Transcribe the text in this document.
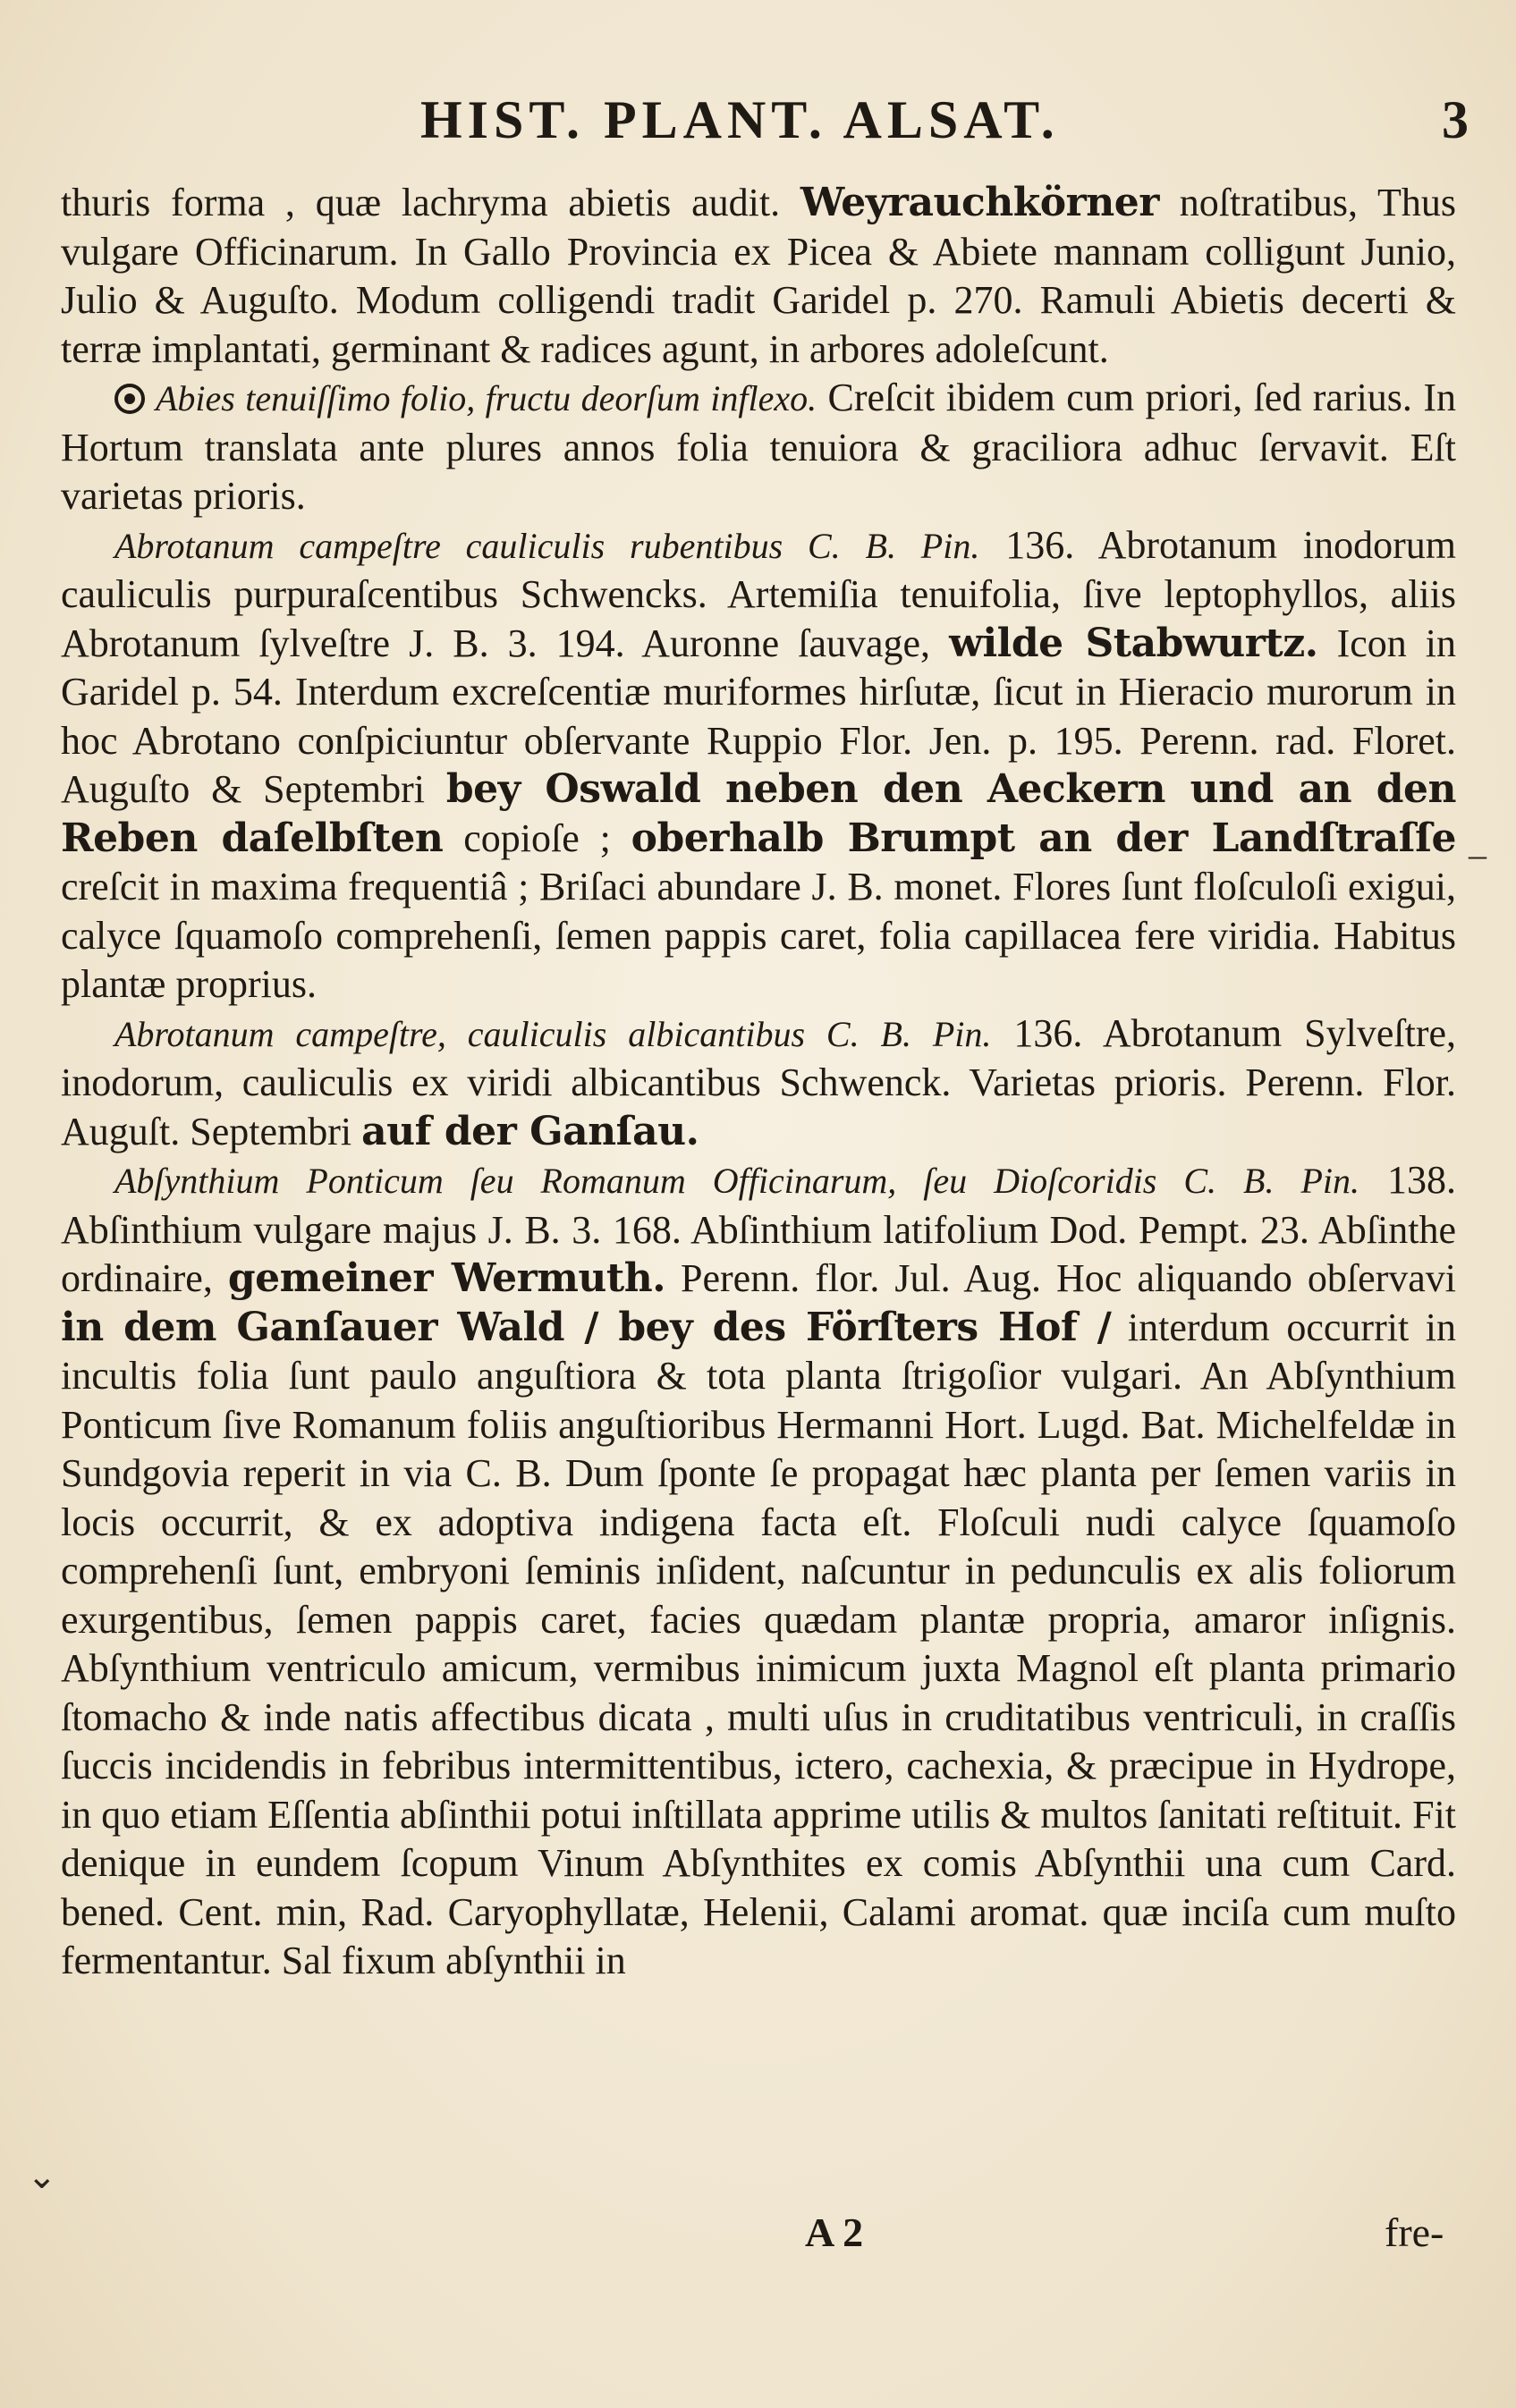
HIST. PLANT. ALSAT.	3

thuris forma , quæ lachryma abietis audit. Weyrauchkörner noſtratibus, Thus vulgare Officinarum. In Gallo Provincia ex Picea & Abiete mannam colligunt Junio, Julio & Auguſto. Modum colligendi tradit Garidel p. 270. Ramuli Abietis decerti & terræ implantati, germinant & radices agunt, in arbores adoleſcunt.

Abies tenuiſſimo folio, fructu deorſum inflexo. Creſcit ibidem cum priori, ſed rarius. In Hortum translata ante plures annos folia tenuiora & graciliora adhuc ſervavit. Eſt varietas prioris.

Abrotanum campeſtre cauliculis rubentibus C. B. Pin. 136. Abrotanum inodorum cauliculis purpuraſcentibus Schwencks. Artemiſia tenuifolia, ſive leptophyllos, aliis Abrotanum ſylveſtre J. B. 3. 194. Auronne ſauvage, wilde Stabwurtz. Icon in Garidel p. 54. Interdum excreſcentiæ muriformes hirſutæ, ſicut in Hieracio murorum in hoc Abrotano conſpiciuntur obſervante Ruppio Flor. Jen. p. 195. Perenn. rad. Floret. Auguſto & Septembri bey Oswald neben den Aeckern und an den Reben daſelbſten copioſe ; oberhalb Brumpt an der Landſtraſſe creſcit in maxima frequentiâ ; Briſaci abundare J. B. monet. Flores ſunt floſculoſi exigui, calyce ſquamoſo comprehenſi, ſemen pappis caret, folia capillacea fere viridia. Habitus plantæ proprius.

Abrotanum campeſtre, cauliculis albicantibus C. B. Pin. 136. Abrotanum Sylveſtre, inodorum, cauliculis ex viridi albicantibus Schwenck. Varietas prioris. Perenn. Flor. Auguſt. Septembri auf der Ganſau.

Abſynthium Ponticum ſeu Romanum Officinarum, ſeu Dioſcoridis C. B. Pin. 138. Abſinthium vulgare majus J. B. 3. 168. Abſinthium latifolium Dod. Pempt. 23. Abſinthe ordinaire, gemeiner Wermuth. Perenn. flor. Jul. Aug. Hoc aliquando obſervavi in dem Ganſauer Wald / bey des Förſters Hof / interdum occurrit in incultis folia ſunt paulo anguſtiora & tota planta ſtrigoſior vulgari. An Abſynthium Ponticum ſive Romanum foliis anguſtioribus Hermanni Hort. Lugd. Bat. Michelfeldæ in Sundgovia reperit in via C. B. Dum ſponte ſe propagat hæc planta per ſemen variis in locis occurrit, & ex adoptiva indigena facta eſt. Floſculi nudi calyce ſquamoſo comprehenſi ſunt, embryoni ſeminis inſident, naſcuntur in pedunculis ex alis foliorum exurgentibus, ſemen pappis caret, facies quædam plantæ propria, amaror inſignis. Abſynthium ventriculo amicum, vermibus inimicum juxta Magnol eſt planta primario ſtomacho & inde natis affectibus dicata , multi uſus in cruditatibus ventriculi, in craſſis ſuccis incidendis in febribus intermittentibus, ictero, cachexia, & præcipue in Hydrope, in quo etiam Eſſentia abſinthii potui inſtillata apprime utilis & multos ſanitati reſtituit. Fit denique in eundem ſcopum Vinum Abſynthites ex comis Abſynthii una cum Card. bened. Cent. min, Rad. Caryophyllatæ, Helenii, Calami aromat. quæ inciſa cum muſto fermentantur. Sal fixum abſynthii in

–
⌄
A 2	fre-
